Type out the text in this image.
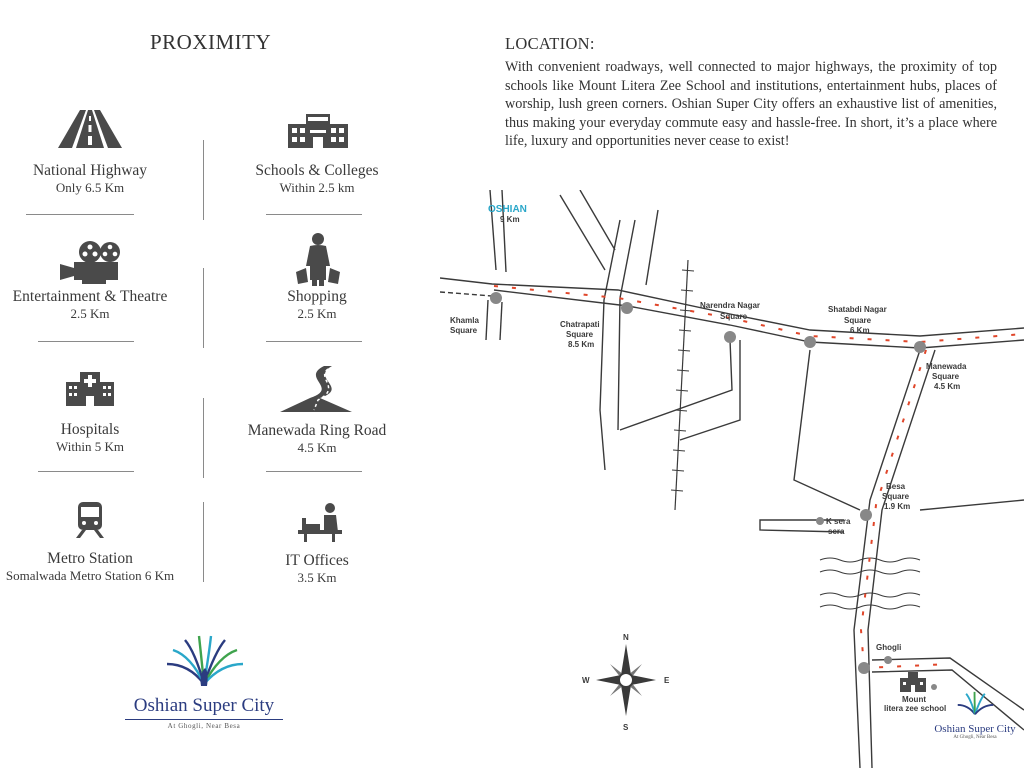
PROXIMITY
National Highway
Only 6.5 Km
Schools & Colleges
Within 2.5 km
Entertainment & Theatre
2.5 Km
Shopping
2.5 Km
Hospitals
Within 5 Km
Manewada Ring Road
4.5 Km
Metro Station
Somalwada Metro Station 6 Km
IT Offices
3.5 Km
Oshian Super City
At Ghogli, Near Besa
LOCATION:
With convenient roadways, well connected to major highways, the proximity of top schools like Mount Litera Zee School and institutions, entertainment hubs, places of worship, lush green corners. Oshian Super City offers an exhaustive list of amenities, thus making your everyday commute easy and hassle-free. In short, it’s a place where life, luxury and opportunities never cease to exist!
OSHIAN
9 Km
Khamla
Square
Chatrapati
Square
8.5 Km
Narendra Nagar
Square
Shatabdi Nagar
Square
6 Km
Manewada
Square
4.5 Km
Besa
Square
1.9 Km
K sera
sera
Ghogli
Mount
litera zee school
N
S
W	E
Oshian Super City
At Ghogli, Near Besa
